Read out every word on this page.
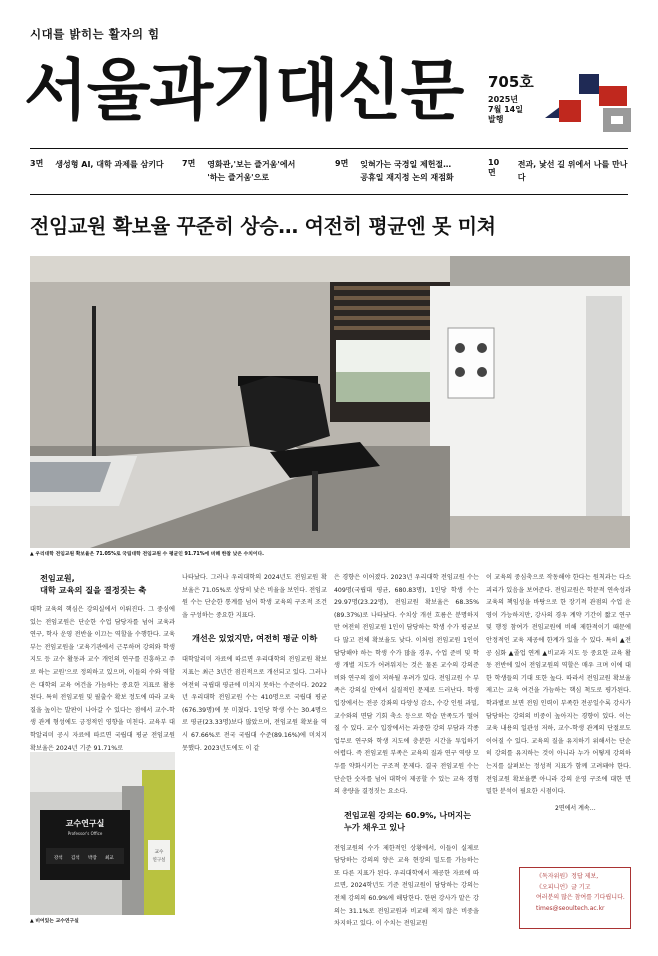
시대를 밝히는 활자의 힘
서울과기대신문 705호
2025년
7월 14일
발행
3면 생성형 AI, 대학 과제를 삼키다 7면 영화관,'보는 즐거움'에서
'하는 즐거움'으로
9면 잊혀가는 국경일 제헌절…
공휴일 재지정 논의 재점화
10면
전과, 낯선 길 위에서 나를 만나다
전임교원 확보율 꾸준히 상승… 여전히 평균엔 못 미쳐
▲ 우리대학 전임교원 확보율은 71.05%로 국립대학 전임교원 수 평균인 91.71%에 비해 한참 낮은 수치이다.
전임교원,
대학 교육의 질을 결정짓는 축
대학 교육의 핵심은 강의실에서 이뤄진다. 그 중심에 있는 전임교원은 단순한 수업 담당자를 넘어 교육과 연구, 학사 운영 전반을 이끄는 역할을 수행한다. 교육부는 전임교원을 '교육기관에서 근무하며 강의와 학생 지도 등 교수 활동과 교수 개인의 연구를 진흥하고 주로 하는 교원'으로 정의하고 있으며, 이들의 수와 역할은 대학의 교육 여건을 가늠하는 중요한 지표로 활용된다. 특히 전임교원 및 필출수 확보 정도에 따라 교육 질을 높이는 발판이 나아갈 수 있다는 점에서 교수-학생 관계 형성에도 긍정적인 영향을 미친다. 교육부 대학알리미 공시 자료에 따르면 국립대 평균 전임교원 확보율은 2024년 기준 91.71%로
교수연구실
Professor's Office
강석 김석 박장 최교
교수
연구실
▲ 비어있는 교수연구실
나타났다. 그러나 우리대학의 2024년도 전임교원 확보율은 71.05%로 상당히 낮은 비율을 보인다. 전임교원 수는 단순한 통계를 넘어 학생 교육의 구조적 조건을 구성하는 중요한 지표다.
개선은 있었지만, 여전히 평균 이하
대학알리미 자료에 따르면 우리대학의 전임교원 확보 지표는 최근 3년간 점진적으로 개선되고 있다. 그러나 여전히 국립대 평균에 미치지 못하는 수준이다. 2022년 우리대학 전임교원 수는 410명으로 국립대 평균(676.39명)에 못 미쳤다. 1인당 학생 수는 30.4명으로 평균(23.33명)보다 많았으며, 전임교원 확보율 역시 67.66%로 전국 국립대 수준(89.16%)에 미치지 못했다. 2023년도에도 이 같
은 경향은 이어졌다. 2023년 우리대학 전임교원 수는 409명(국립대 평균, 680.83명), 1인당 학생 수는 29.97명(23.22명), 전임교원 확보율은 68.35%(89.37%)로 나타났다. 수치상 개선 흐름은 분명하지만 여전히 전임교원 1인이 담당하는 학생 수가 평균보다 많고 전체 확보율도 낮다. 이처럼 전임교원 1인이 담당해야 하는 학생 수가 많을 경우, 수업 준비 및 학생 개별 지도가 어려워지는 것은 물론 교수의 강의준비와 연구의 질이 저하될 우려가 있다. 전임교원 수 부족은 강의실 안에서 실질적인 문제로 드러난다. 학생 입장에서는 전공 강좌의 다양성 감소, 수강 인원 과밀, 교수와의 면담 기회 축소 등으로 학습 만족도가 떨어질 수 있다. 교수 입장에서는 과중한 강의 부담과 각종 업무로 연구와 학생 지도에 충분한 시간을 투입하기 어렵다. 즉 전임교원 부족은 교육의 질과 연구 역량 모두를 약화시키는 구조적 문제다. 결국 전임교원 수는 단순한 숫자를 넘어 대학이 제공할 수 있는 교육 경험의 총량을 결정짓는 요소다.
전임교원 강의는 60.9%, 나머지는
누가 채우고 있나
전임교원의 수가 제한적인 상황에서, 이들이 실제로 담당하는 강의의 양은 교육 현장의 밀도를 가늠하는 또 다른 지표가 된다. 우리대학에서 제공한 자료에 따르면, 2024학년도 기준 전임교원이 담당하는 강의는 전체 강의의 60.9%에 해당한다. 한편 강사가 맡은 강의는 31.1%로 전임교원과 비교해 적지 않은 비중을 차지하고 있다. 이 수치는 전임교원
이 교육의 중심축으로 작동해야 한다는 원칙과는 다소 괴리가 있음을 보여준다. 전임교원은 학문적 연속성과 교육의 책임성을 바탕으로 한 장기적 관점의 수업 운영이 가능하지만, 강사의 경우 계약 기간이 짧고 연구 및 행정 참여가 전임교원에 비해 제한적이기 때문에 안정적인 교육 제공에 한계가 있을 수 있다. 특히 ▲전공 심화 ▲졸업 연계 ▲비교과 지도 등 중요한 교육 활동 전반에 있어 전임교원의 역할은 매우 크며 이에 대한 학생들의 기대 또한 높다. 따라서 전임교원 확보율 제고는 교육 여건을 가늠하는 핵심 척도로 평가된다. 학과별로 보면 전임 인력이 부족한 전공일수록 강사가 담당하는 강의의 비중이 높아지는 경향이 있다. 이는 교육 내용의 일관성 저하, 교수-학생 관계의 단절로도 이어질 수 있다. 교육의 질을 유지하기 위해서는 단순히 강의를 유지하는 것이 아니라 누가 어떻게 강의하는지를 살펴보는 정성적 지표가 함께 고려돼야 한다. 전임교원 확보율뿐 아니라 강의 운영 구조에 대한 면밀한 분석이 필요한 시점이다.
2면에서 계속…
《독자위원》정답 제보,
《오피니언》글 기고
여러분의 많은 참여를 기다립니다.
times@seoultech.ac.kr
